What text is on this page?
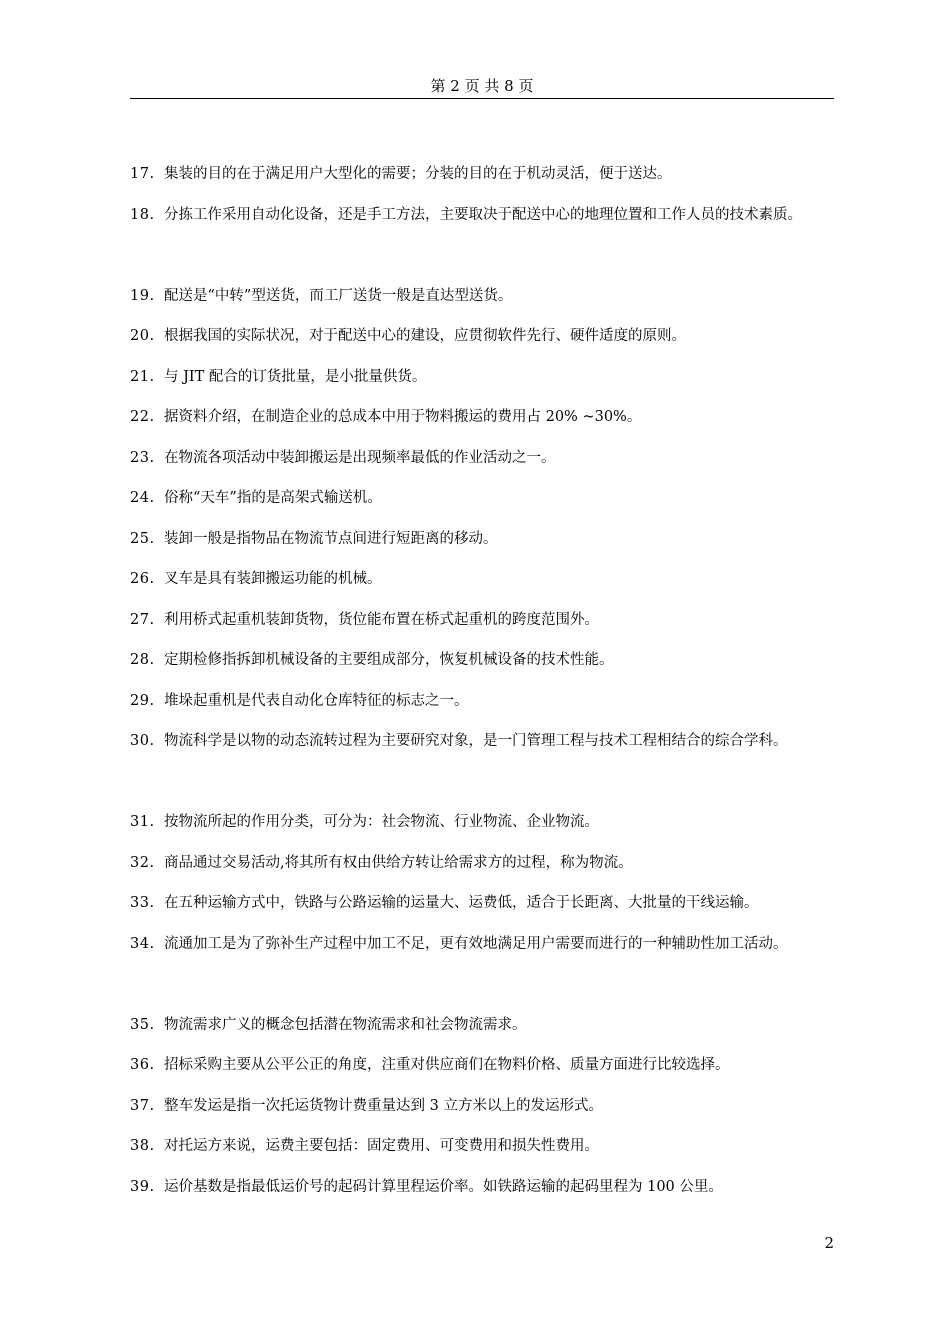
第 2 页 共 8 页
17. 集装的目的在于满足用户大型化的需要；分装的目的在于机动灵活，便于送达。
18. 分拣工作采用自动化设备，还是手工方法，主要取决于配送中心的地理位置和工作人员的技术素质。
19. 配送是“中转”型送货，而工厂送货一般是直达型送货。
20. 根据我国的实际状况，对于配送中心的建设，应贯彻软件先行、硬件适度的原则。
21. 与 JIT 配合的订货批量，是小批量供货。
22. 据资料介绍，在制造企业的总成本中用于物料搬运的费用占 20% ~30%。
23. 在物流各项活动中装卸搬运是出现频率最低的作业活动之一。
24. 俗称“天车”指的是高架式输送机。
25. 装卸一般是指物品在物流节点间进行短距离的移动。
26. 叉车是具有装卸搬运功能的机械。
27. 利用桥式起重机装卸货物，货位能布置在桥式起重机的跨度范围外。
28. 定期检修指拆卸机械设备的主要组成部分，恢复机械设备的技术性能。
29. 堆垛起重机是代表自动化仓库特征的标志之一。
30. 物流科学是以物的动态流转过程为主要研究对象，是一门管理工程与技术工程相结合的综合学科。
31. 按物流所起的作用分类，可分为：社会物流、行业物流、企业物流。
32. 商品通过交易活动,将其所有权由供给方转让给需求方的过程，称为物流。
33. 在五种运输方式中，铁路与公路运输的运量大、运费低，适合于长距离、大批量的干线运输。
34. 流通加工是为了弥补生产过程中加工不足，更有效地满足用户需要而进行的一种辅助性加工活动。
35. 物流需求广义的概念包括潜在物流需求和社会物流需求。
36. 招标采购主要从公平公正的角度，注重对供应商们在物料价格、质量方面进行比较选择。
37. 整车发运是指一次托运货物计费重量达到 3 立方米以上的发运形式。
38. 对托运方来说，运费主要包括：固定费用、可变费用和损失性费用。
39. 运价基数是指最低运价号的起码计算里程运价率。如铁路运输的起码里程为 100 公里。
2
